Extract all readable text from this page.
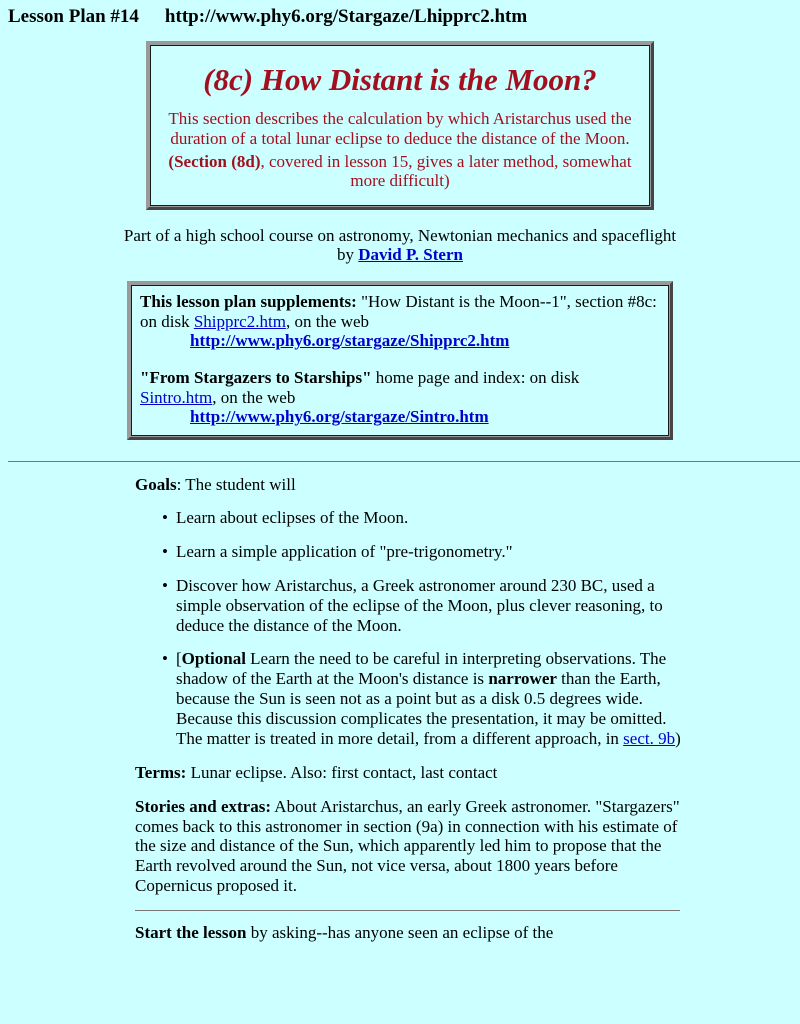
Lesson Plan #14 http://www.phy6.org/Stargaze/Lhipprc2.htm
(8c) How Distant is the Moon?
This section describes the calculation by which Aristarchus used the duration of a total lunar eclipse to deduce the distance of the Moon.
(Section (8d), covered in lesson 15, gives a later method, somewhat more difficult)
Part of a high school course on astronomy, Newtonian mechanics and spaceflight
by David P. Stern

This lesson plan supplements: "How Distant is the Moon--1", section #8c: on disk Shipprc2.htm, on the web
http://www.phy6.org/stargaze/Shipprc2.htm

"From Stargazers to Starships" home page and index: on disk Sintro.htm, on the web
http://www.phy6.org/stargaze/Sintro.htm

Goals: The student will

• Learn about eclipses of the Moon.
• Learn a simple application of "pre-trigonometry."
• Discover how Aristarchus, a Greek astronomer around 230 BC, used a simple observation of the eclipse of the Moon, plus clever reasoning, to deduce the distance of the Moon.
• [Optional Learn the need to be careful in interpreting observations. The shadow of the Earth at the Moon's distance is narrower than the Earth, because the Sun is seen not as a point but as a disk 0.5 degrees wide.
Because this discussion complicates the presentation, it may be omitted. The matter is treated in more detail, from a different approach, in sect. 9b)

Terms: Lunar eclipse. Also: first contact, last contact

Stories and extras: About Aristarchus, an early Greek astronomer. "Stargazers" comes back to this astronomer in section (9a) in connection with his estimate of the size and distance of the Sun, which apparently led him to propose that the Earth revolved around the Sun, not vice versa, about 1800 years before Copernicus proposed it.

Start the lesson by asking--has anyone seen an eclipse of the
